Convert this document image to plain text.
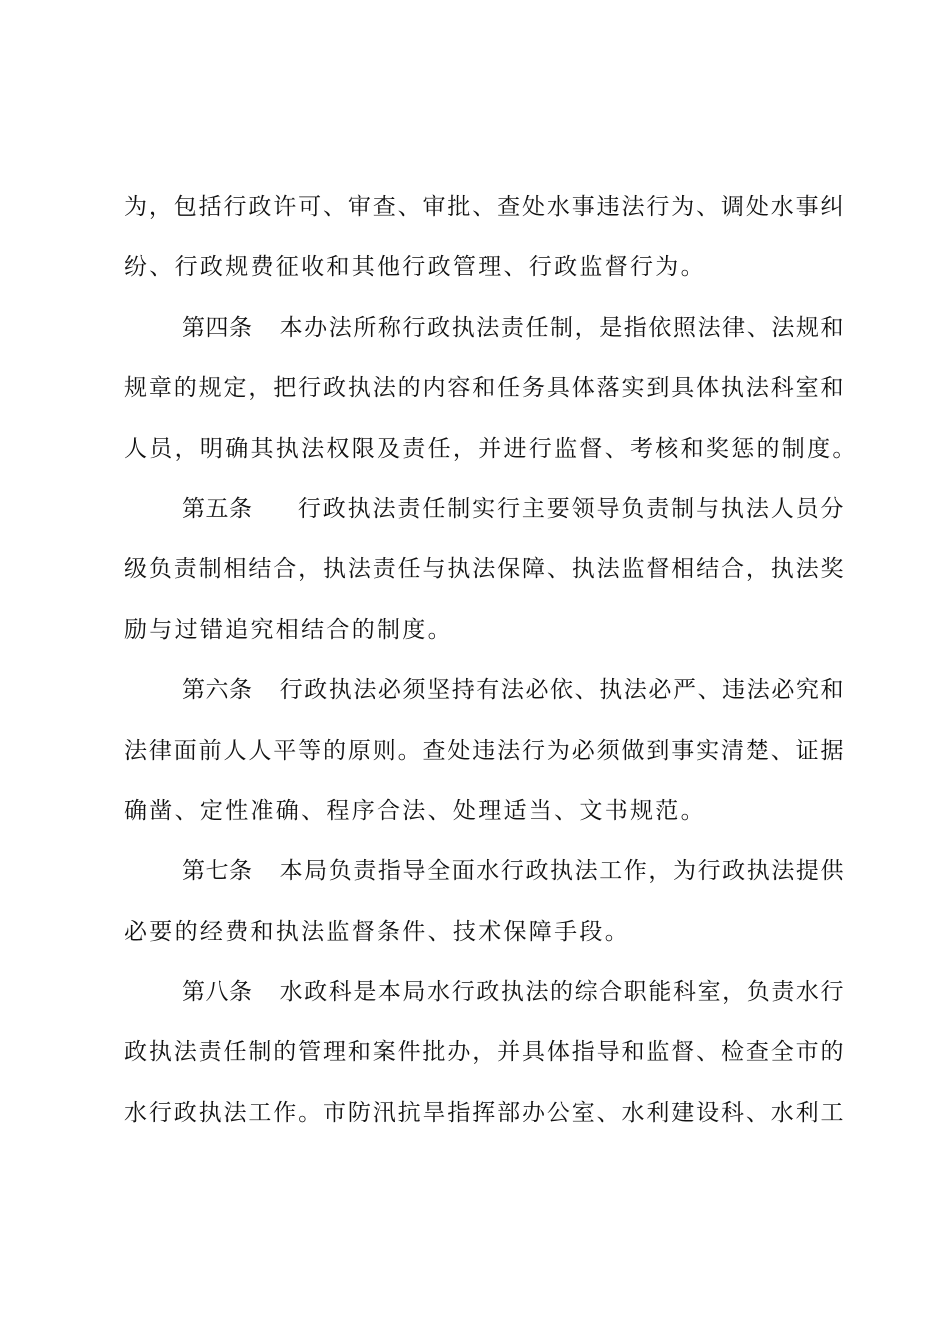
为，包括行政许可、审查、审批、查处水事违法行为、调处水事纠
纷、行政规费征收和其他行政管理、行政监督行为。
第四条 本办法所称行政执法责任制，是指依照法律、法规和
规章的规定，把行政执法的内容和任务具体落实到具体执法科室和
人员，明确其执法权限及责任，并进行监督、考核和奖惩的制度。
第五条 行政执法责任制实行主要领导负责制与执法人员分
级负责制相结合，执法责任与执法保障、执法监督相结合，执法奖
励与过错追究相结合的制度。
第六条 行政执法必须坚持有法必依、执法必严、违法必究和
法律面前人人平等的原则。查处违法行为必须做到事实清楚、证据
确凿、定性准确、程序合法、处理适当、文书规范。
第七条 本局负责指导全面水行政执法工作，为行政执法提供
必要的经费和执法监督条件、技术保障手段。
第八条 水政科是本局水行政执法的综合职能科室，负责水行
政执法责任制的管理和案件批办，并具体指导和监督、检查全市的
水行政执法工作。市防汛抗旱指挥部办公室、水利建设科、水利工
